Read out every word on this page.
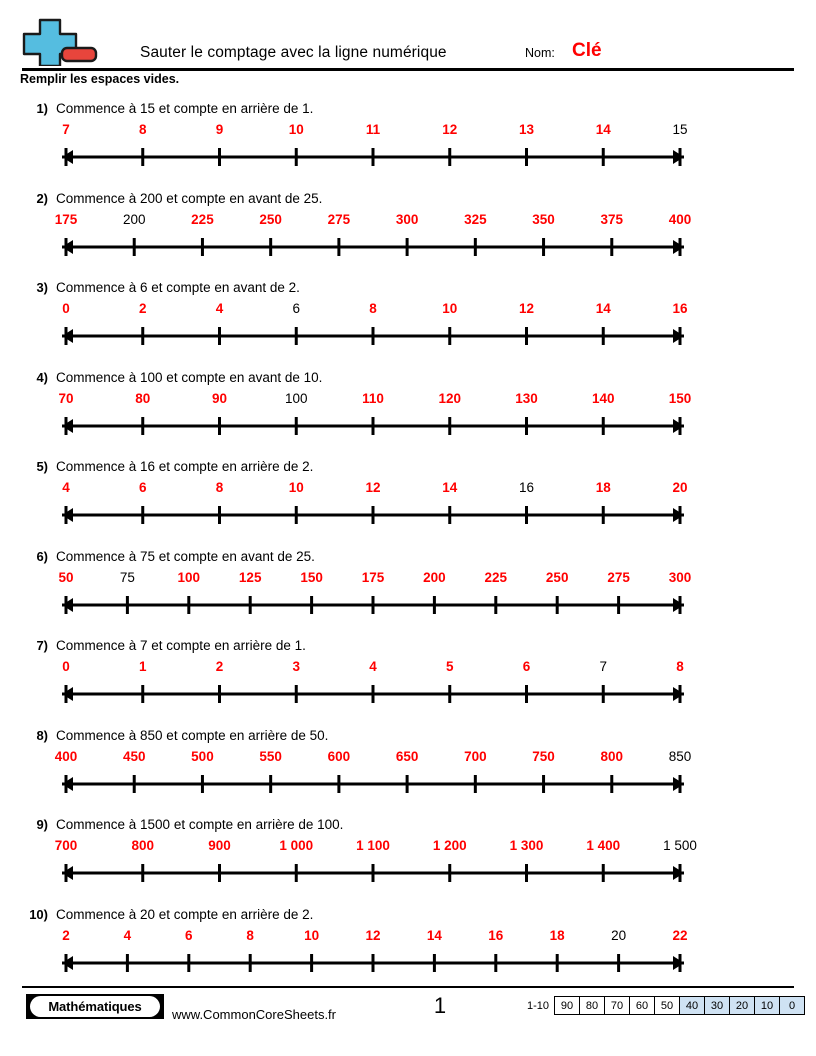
Sauter le comptage avec la ligne numérique	Nom: Clé
Remplir les espaces vides.
1) Commence à 15 et compte en arrière de 1.
7	8	9	10	11	12	13	14	15
2) Commence à 200 et compte en avant de 25.
175	200	225	250	275	300	325	350	375	400
3) Commence à 6 et compte en avant de 2.
0	2	4	6	8	10	12	14	16
4) Commence à 100 et compte en avant de 10.
70	80	90	100	110	120	130	140	150
5) Commence à 16 et compte en arrière de 2.
4	6	8	10	12	14	16	18	20
6) Commence à 75 et compte en avant de 25.
50	75	100	125	150	175	200	225	250	275	300
7) Commence à 7 et compte en arrière de 1.
0	1	2	3	4	5	6	7	8
8) Commence à 850 et compte en arrière de 50.
400	450	500	550	600	650	700	750	800	850
9) Commence à 1500 et compte en arrière de 100.
700	800	900	1 000	1 100	1 200	1 300	1 400	1 500
10) Commence à 20 et compte en arrière de 2.
2	4	6	8	10	12	14	16	18	20	22
Mathématiques
www.CommonCoreSheets.fr	1	1-10	90	80	70	60	50	40	30	20	10	0
